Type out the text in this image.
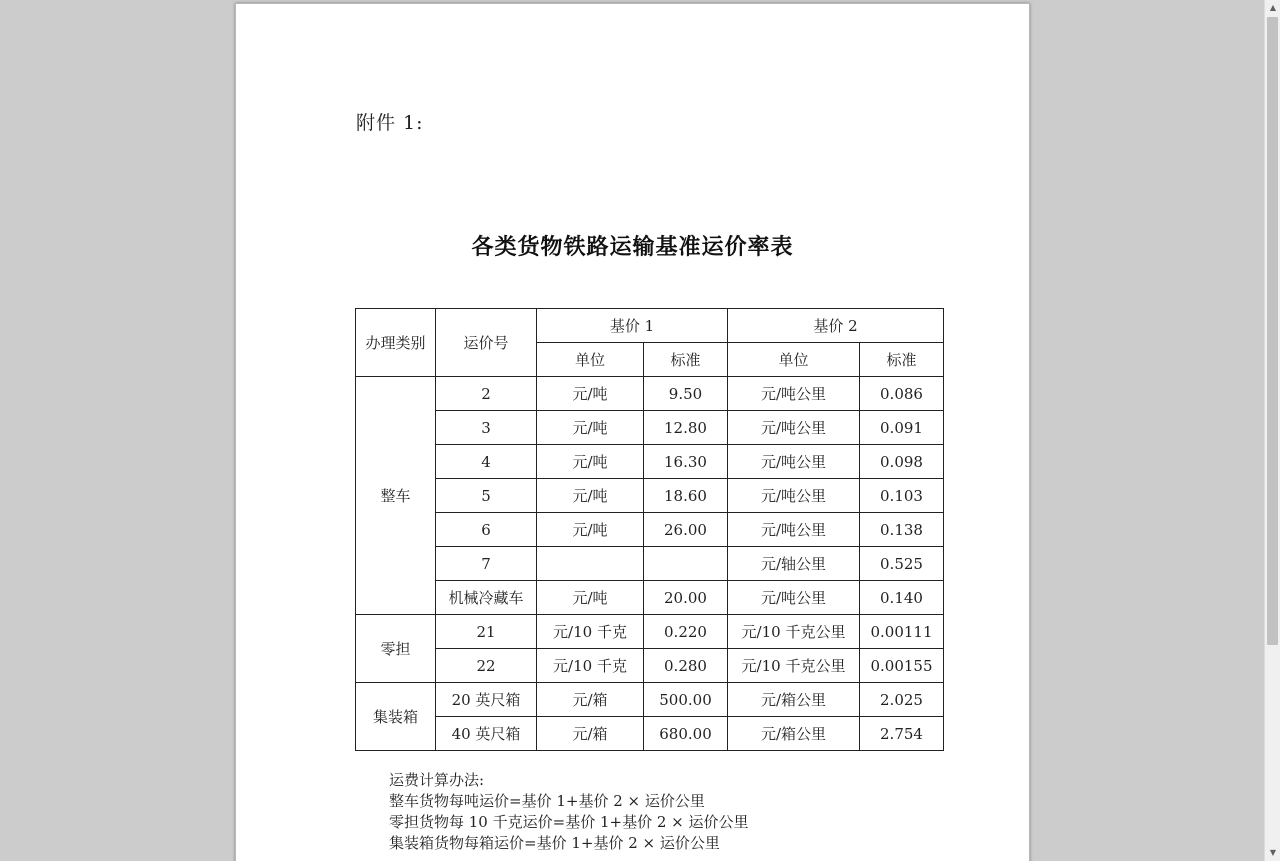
附件 1:
各类货物铁路运输基准运价率表
办理类别	运价号	基价 1		基价 2	
		单位	标准	单位	标准
整车	2	元/吨	9.50	元/吨公里	0.086
	3	元/吨	12.80	元/吨公里	0.091
	4	元/吨	16.30	元/吨公里	0.098
	5	元/吨	18.60	元/吨公里	0.103
	6	元/吨	26.00	元/吨公里	0.138
	7			元/轴公里	0.525
	机械冷藏车	元/吨	20.00	元/吨公里	0.140
零担	21	元/10 千克	0.220	元/10 千克公里	0.00111
	22	元/10 千克	0.280	元/10 千克公里	0.00155
集装箱	20 英尺箱	元/箱	500.00	元/箱公里	2.025
	40 英尺箱	元/箱	680.00	元/箱公里	2.754
运费计算办法:
整车货物每吨运价=基价 1+基价 2 × 运价公里
零担货物每 10 千克运价=基价 1+基价 2 × 运价公里
集装箱货物每箱运价=基价 1+基价 2 × 运价公里
▲
▼
